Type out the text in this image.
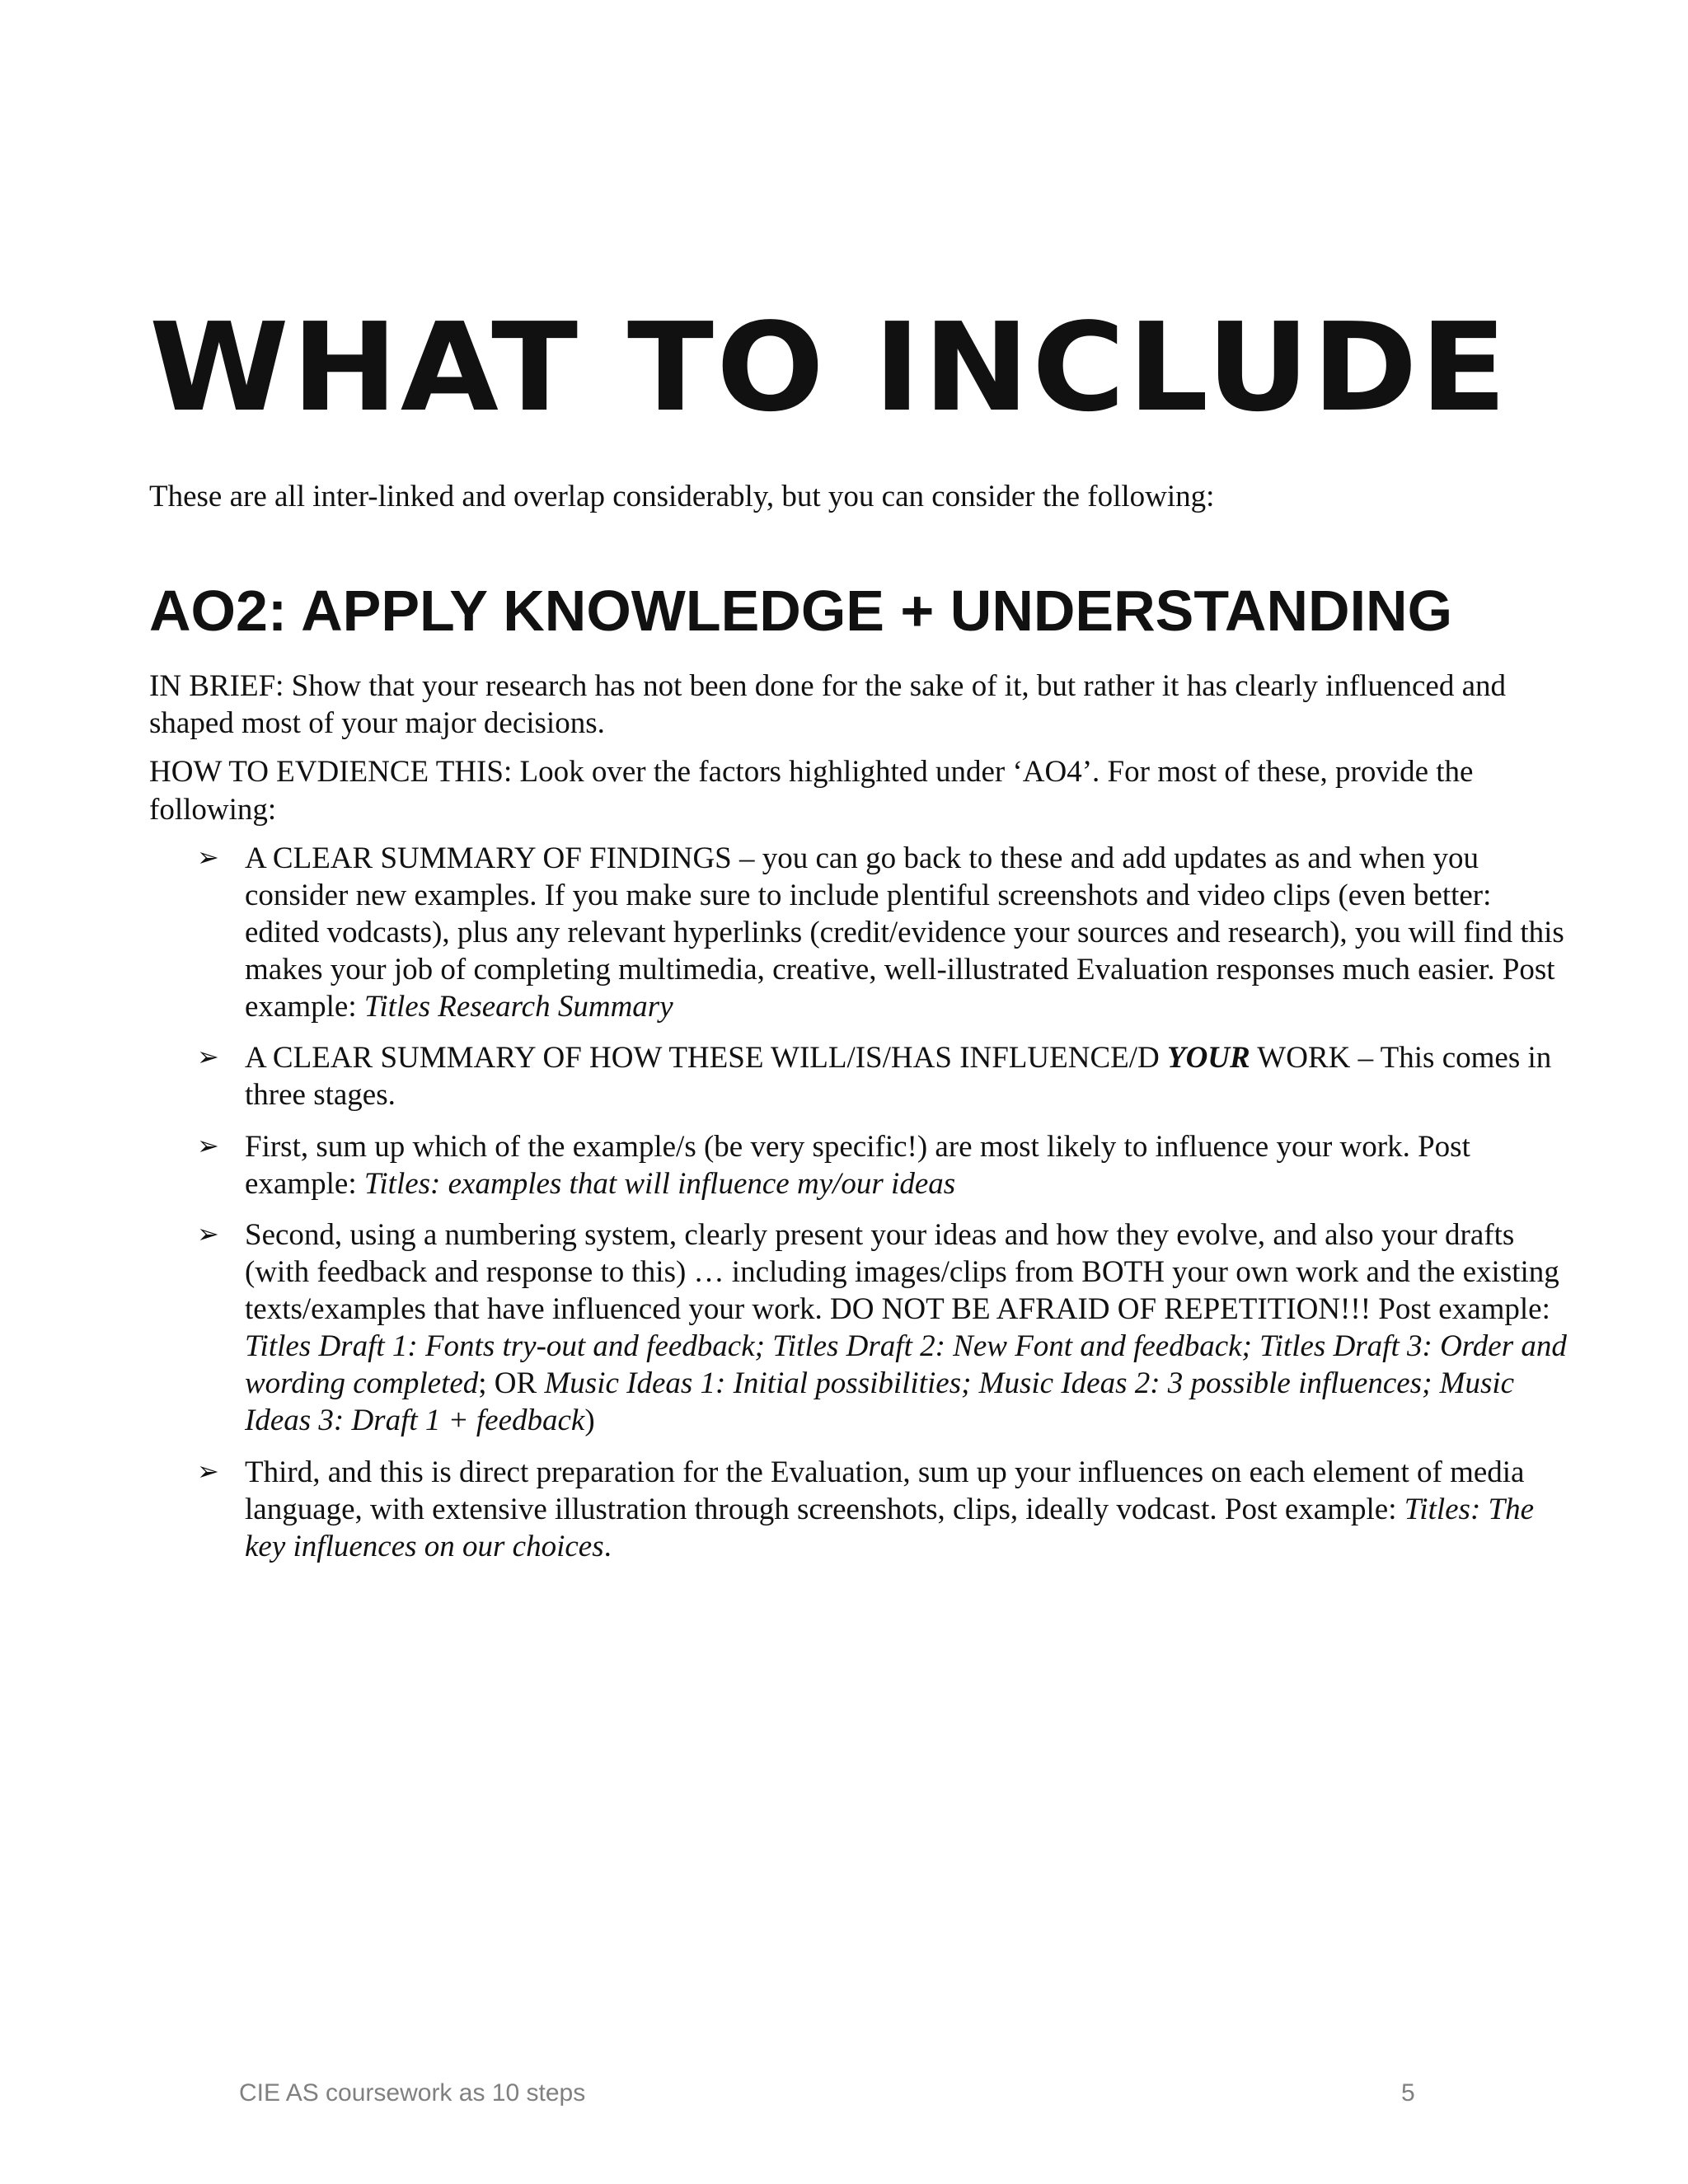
WHAT TO INCLUDE

These are all inter-linked and overlap considerably, but you can consider the following:

AO2: APPLY KNOWLEDGE + UNDERSTANDING

IN BRIEF: Show that your research has not been done for the sake of it, but rather it has clearly influenced and shaped most of your major decisions.

HOW TO EVDIENCE THIS: Look over the factors highlighted under ‘AO4’. For most of these, provide the following:

➢ A CLEAR SUMMARY OF FINDINGS – you can go back to these and add updates as and when you consider new examples. If you make sure to include plentiful screenshots and video clips (even better: edited vodcasts), plus any relevant hyperlinks (credit/evidence your sources and research), you will find this makes your job of completing multimedia, creative, well-illustrated Evaluation responses much easier. Post example: Titles Research Summary
➢ A CLEAR SUMMARY OF HOW THESE WILL/IS/HAS INFLUENCE/D YOUR WORK – This comes in three stages.
➢ First, sum up which of the example/s (be very specific!) are most likely to influence your work. Post example: Titles: examples that will influence my/our ideas
➢ Second, using a numbering system, clearly present your ideas and how they evolve, and also your drafts (with feedback and response to this) … including images/clips from BOTH your own work and the existing texts/examples that have influenced your work. DO NOT BE AFRAID OF REPETITION!!! Post example: Titles Draft 1: Fonts try-out and feedback; Titles Draft 2: New Font and feedback; Titles Draft 3: Order and wording completed; OR Music Ideas 1: Initial possibilities; Music Ideas 2: 3 possible influences; Music Ideas 3: Draft 1 + feedback)
➢ Third, and this is direct preparation for the Evaluation, sum up your influences on each element of media language, with extensive illustration through screenshots, clips, ideally vodcast. Post example: Titles: The key influences on our choices.
CIE AS coursework as 10 steps	5
